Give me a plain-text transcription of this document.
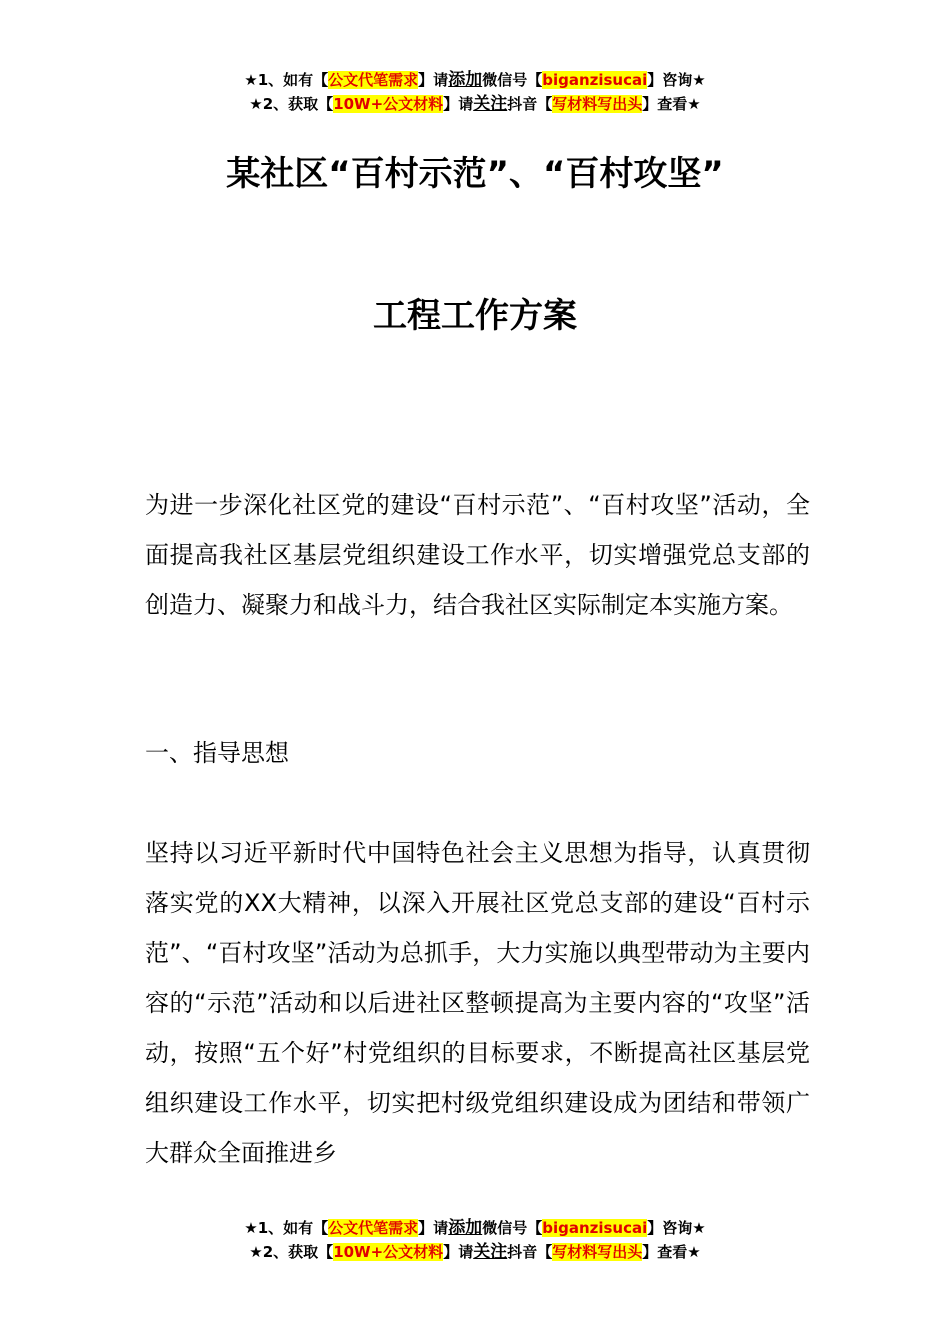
★1、如有【公文代笔需求】请添加微信号【biganzisucai】咨询★
★2、获取【10W+公文材料】请关注抖音【写材料写出头】查看★
某社区“百村示范”、“百村攻坚”
工程工作方案
为进一步深化社区党的建设“百村示范”、“百村攻坚”活动，全面提高我社区基层党组织建设工作水平，切实增强党总支部的创造力、凝聚力和战斗力，结合我社区实际制定本实施方案。
一、指导思想
坚持以习近平新时代中国特色社会主义思想为指导，认真贯彻落实党的XX大精神，以深入开展社区党总支部的建设“百村示范”、“百村攻坚”活动为总抓手，大力实施以典型带动为主要内容的“示范”活动和以后进社区整顿提高为主要内容的“攻坚”活动，按照“五个好”村党组织的目标要求，不断提高社区基层党组织建设工作水平，切实把村级党组织建设成为团结和带领广大群众全面推进乡
★1、如有【公文代笔需求】请添加微信号【biganzisucai】咨询★
★2、获取【10W+公文材料】请关注抖音【写材料写出头】查看★
